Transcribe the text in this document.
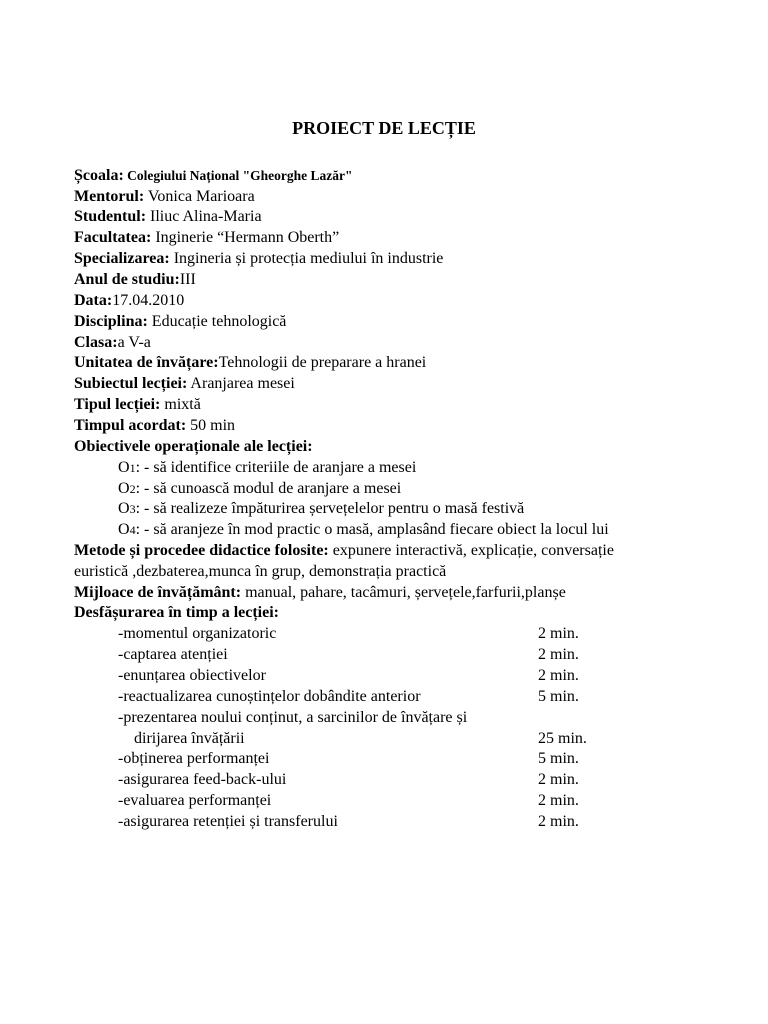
PROIECT DE LECȚIE
Școala: Colegiului Național "Gheorghe Lazăr"
Mentorul: Vonica Marioara
Studentul: Iliuc Alina-Maria
Facultatea: Inginerie “Hermann Oberth”
Specializarea: Ingineria și protecția mediului în industrie
Anul de studiu:III
Data:17.04.2010
Disciplina: Educație tehnologică
Clasa:a V-a
Unitatea de învățare:Tehnologii de preparare a hranei
Subiectul lecției: Aranjarea mesei
Tipul lecției: mixtă
Timpul acordat: 50 min
Obiectivele operaționale ale lecției:
O1: - să identifice criteriile de aranjare a mesei
O2: - să cunoască modul de aranjare a mesei
O3: - să realizeze împăturirea șervețelelor pentru o masă festivă
O4: - să aranjeze în mod practic o masă, amplasând fiecare obiect la locul lui
Metode și procedee didactice folosite: expunere interactivă, explicație, conversație
euristică ,dezbaterea,munca în grup, demonstrația practică
Mijloace de învățământ: manual, pahare, tacâmuri, șervețele,farfurii,planșe
Desfășurarea în timp a lecției:
-momentul organizatoric	2 min.
-captarea atenției	2 min.
-enunțarea obiectivelor	2 min.
-reactualizarea cunoștințelor dobândite anterior	5 min.
-prezentarea noului conținut, a sarcinilor de învățare și
dirijarea învățării	25 min.
-obținerea performanței	5 min.
-asigurarea feed-back-ului	2 min.
-evaluarea performanței	2 min.
-asigurarea retenției și transferului	2 min.
